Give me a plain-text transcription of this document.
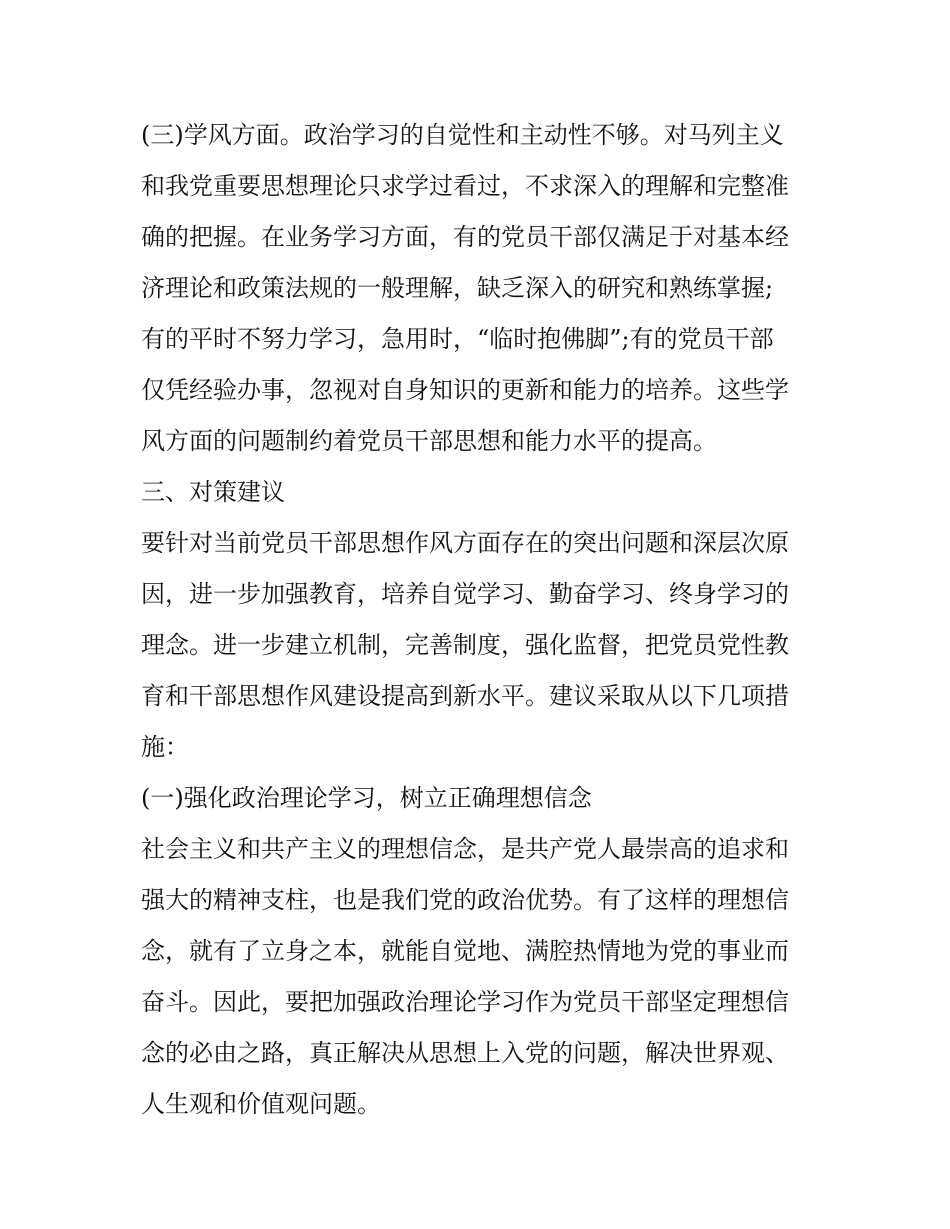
(三)学风方面。政治学习的自觉性和主动性不够。对马列主义
和我党重要思想理论只求学过看过，不求深入的理解和完整准
确的把握。在业务学习方面，有的党员干部仅满足于对基本经
济理论和政策法规的一般理解，缺乏深入的研究和熟练掌握;
有的平时不努力学习，急用时，“临时抱佛脚”;有的党员干部
仅凭经验办事，忽视对自身知识的更新和能力的培养。这些学
风方面的问题制约着党员干部思想和能力水平的提高。
三、对策建议
要针对当前党员干部思想作风方面存在的突出问题和深层次原
因，进一步加强教育，培养自觉学习、勤奋学习、终身学习的
理念。进一步建立机制，完善制度，强化监督，把党员党性教
育和干部思想作风建设提高到新水平。建议采取从以下几项措
施：
(一)强化政治理论学习，树立正确理想信念
社会主义和共产主义的理想信念，是共产党人最崇高的追求和
强大的精神支柱，也是我们党的政治优势。有了这样的理想信
念，就有了立身之本，就能自觉地、满腔热情地为党的事业而
奋斗。因此，要把加强政治理论学习作为党员干部坚定理想信
念的必由之路，真正解决从思想上入党的问题，解决世界观、
人生观和价值观问题。
